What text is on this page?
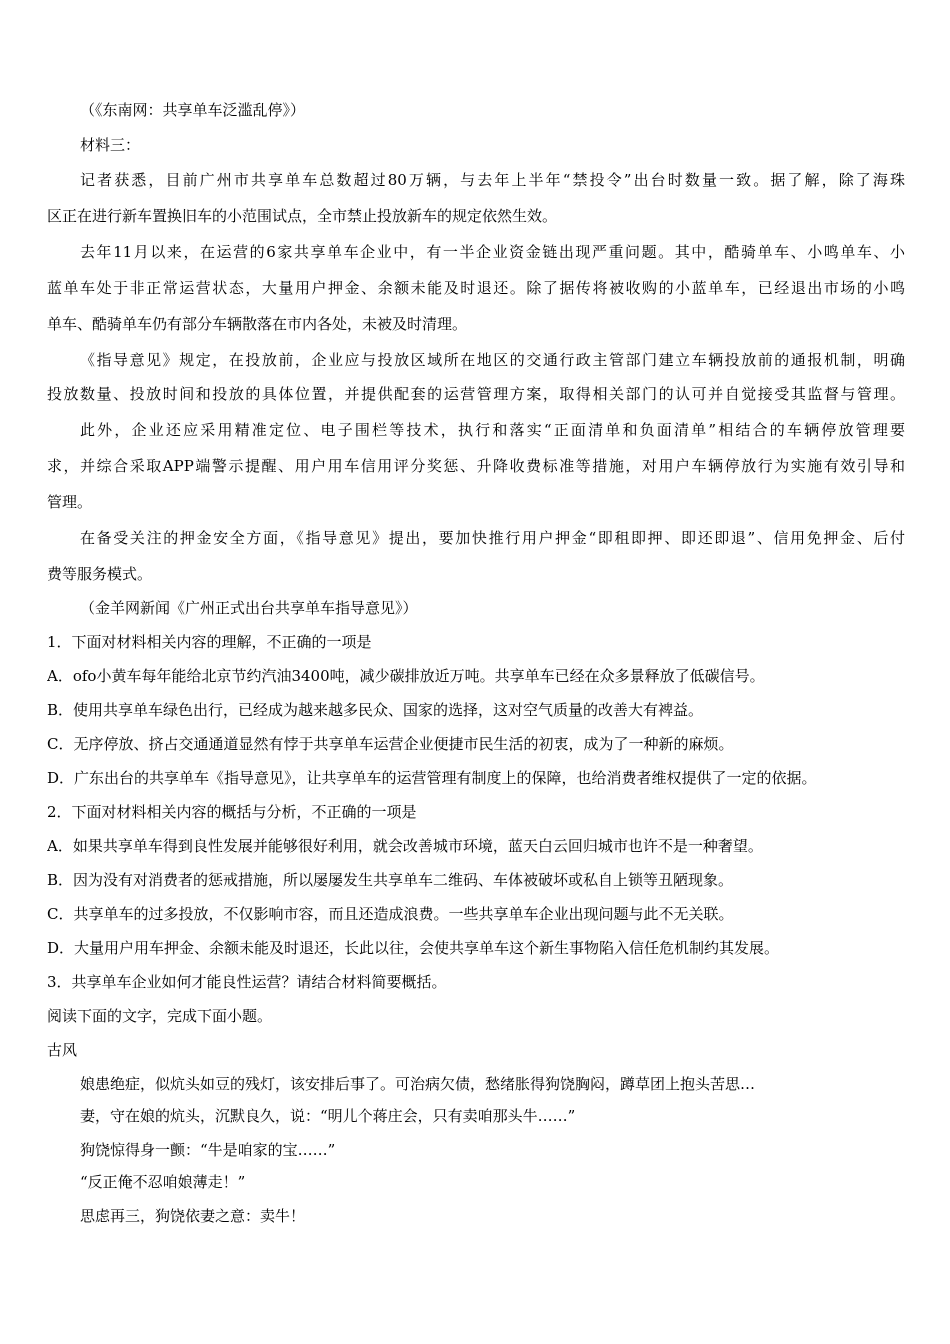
（《东南网：共享单车泛滥乱停》）
材料三：
记者获悉，目前广州市共享单车总数超过80万辆，与去年上半年“禁投令”出台时数量一致。据了解，除了海珠
区正在进行新车置换旧车的小范围试点，全市禁止投放新车的规定依然生效。
去年11月以来，在运营的6家共享单车企业中，有一半企业资金链出现严重问题。其中，酷骑单车、小鸣单车、小
蓝单车处于非正常运营状态，大量用户押金、余额未能及时退还。除了据传将被收购的小蓝单车，已经退出市场的小鸣
单车、酷骑单车仍有部分车辆散落在市内各处，未被及时清理。
《指导意见》规定，在投放前，企业应与投放区域所在地区的交通行政主管部门建立车辆投放前的通报机制，明确
投放数量、投放时间和投放的具体位置，并提供配套的运营管理方案，取得相关部门的认可并自觉接受其监督与管理。
此外，企业还应采用精准定位、电子围栏等技术，执行和落实“正面清单和负面清单”相结合的车辆停放管理要
求，并综合采取APP端警示提醒、用户用车信用评分奖惩、升降收费标准等措施，对用户车辆停放行为实施有效引导和
管理。
在备受关注的押金安全方面，《指导意见》提出，要加快推行用户押金“即租即押、即还即退”、信用免押金、后付
费等服务模式。
（金羊网新闻《广州正式出台共享单车指导意见》）
1．下面对材料相关内容的理解，不正确的一项是
A．ofo小黄车每年能给北京节约汽油3400吨，减少碳排放近万吨。共享单车已经在众多景释放了低碳信号。
B．使用共享单车绿色出行，已经成为越来越多民众、国家的选择，这对空气质量的改善大有裨益。
C．无序停放、挤占交通通道显然有悖于共享单车运营企业便捷市民生活的初衷，成为了一种新的麻烦。
D．广东出台的共享单车《指导意见》，让共享单车的运营管理有制度上的保障，也给消费者维权提供了一定的依据。
2．下面对材料相关内容的概括与分析，不正确的一项是
A．如果共享单车得到良性发展并能够很好利用，就会改善城市环境，蓝天白云回归城市也许不是一种奢望。
B．因为没有对消费者的惩戒措施，所以屡屡发生共享单车二维码、车体被破坏或私自上锁等丑陋现象。
C．共享单车的过多投放，不仅影响市容，而且还造成浪费。一些共享单车企业出现问题与此不无关联。
D．大量用户用车押金、余额未能及时退还，长此以往，会使共享单车这个新生事物陷入信任危机制约其发展。
3．共享单车企业如何才能良性运营？请结合材料简要概括。
阅读下面的文字，完成下面小题。
古风
娘患绝症，似炕头如豆的残灯，该安排后事了。可治病欠债，愁绪胀得狗饶胸闷，蹲草团上抱头苦思…
妻，守在娘的炕头，沉默良久，说：“明儿个蒋庄会，只有卖咱那头牛……”
狗饶惊得身一颤：“牛是咱家的宝……”
“反正俺不忍咱娘薄走！”
思虑再三，狗饶依妻之意：卖牛！
